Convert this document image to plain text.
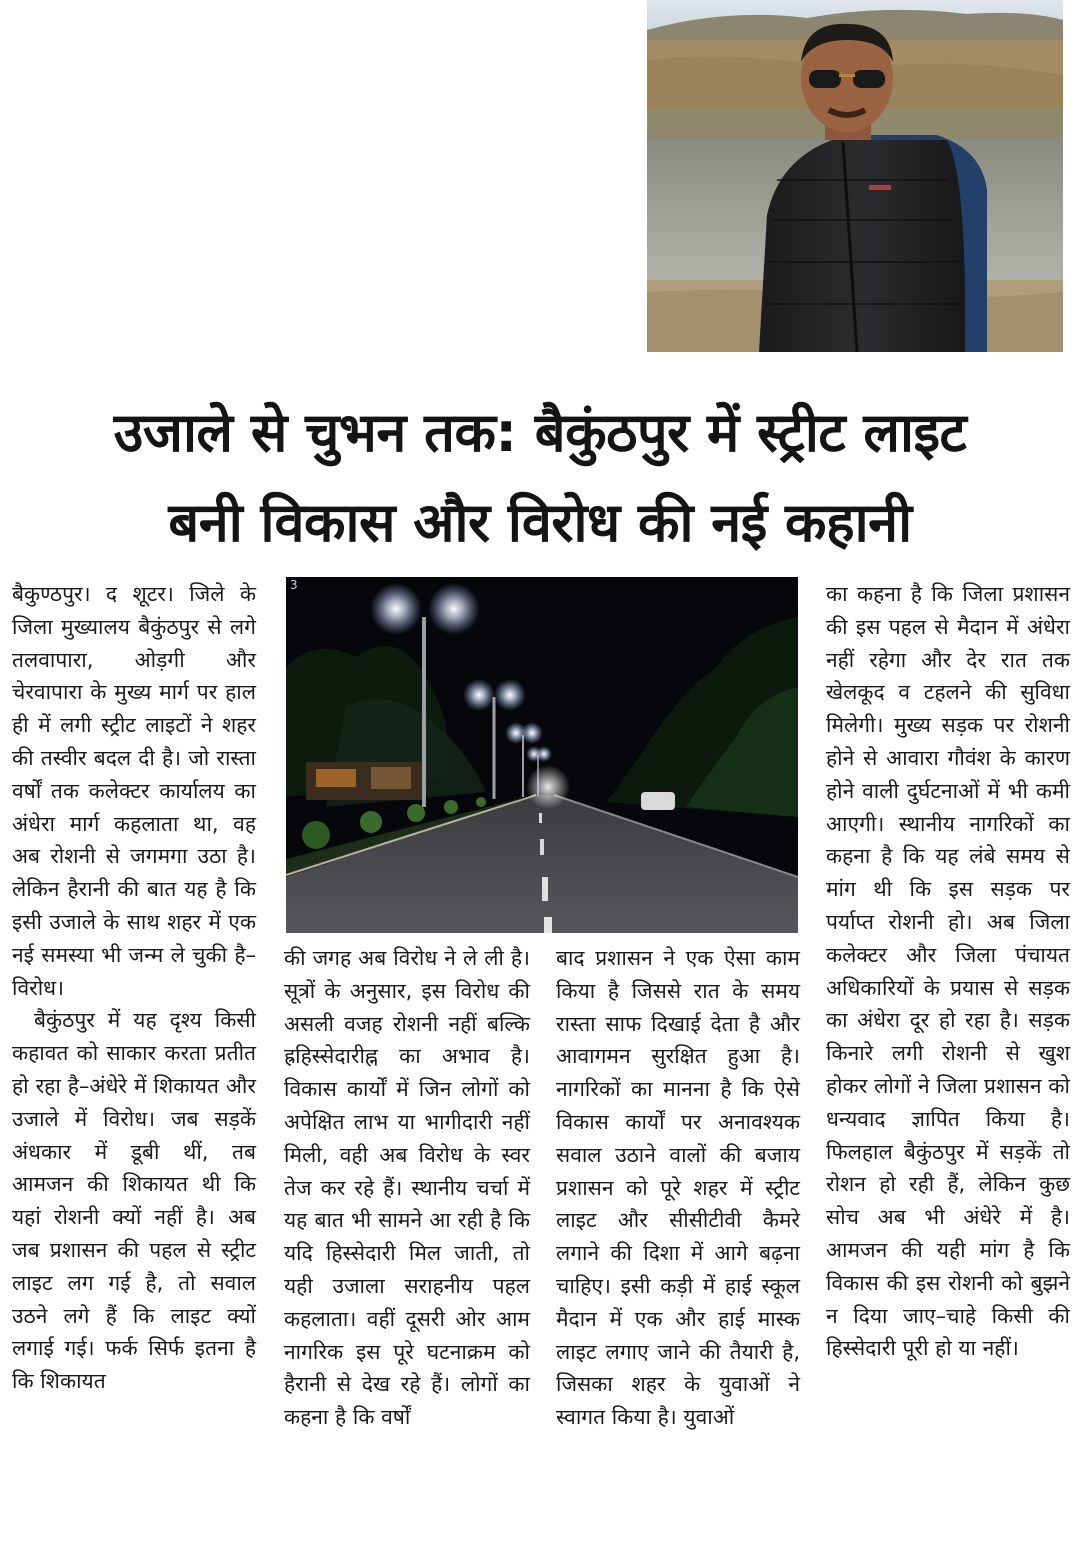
उजाले से चुभन तक: बैकुंठपुर में स्ट्रीट लाइट
बनी विकास और विरोध की नई कहानी

बैकुण्ठपुर। द शूटर। जिले के जिला मुख्यालय बैकुंठपुर से लगे तलवापारा, ओड़गी और चेरवापारा के मुख्य मार्ग पर हाल ही में लगी स्ट्रीट लाइटों ने शहर की तस्वीर बदल दी है। जो रास्ता वर्षों तक कलेक्टर कार्यालय का अंधेरा मार्ग कहलाता था, वह अब रोशनी से जगमगा उठा है। लेकिन हैरानी की बात यह है कि इसी उजाले के साथ शहर में एक नई समस्या भी जन्म ले चुकी है–विरोध।

बैकुंठपुर में यह दृश्य किसी कहावत को साकार करता प्रतीत हो रहा है–अंधेरे में शिकायत और उजाले में विरोध। जब सड़कें अंधकार में डूबी थीं, तब आमजन की शिकायत थी कि यहां रोशनी क्यों नहीं है। अब जब प्रशासन की पहल से स्ट्रीट लाइट लग गई है, तो सवाल उठने लगे हैं कि लाइट क्यों लगाई गई। फर्क सिर्फ इतना है कि शिकायत

3

की जगह अब विरोध ने ले ली है। सूत्रों के अनुसार, इस विरोध की असली वजह रोशनी नहीं बल्कि ह्रहिस्सेदारीह्न का अभाव है। विकास कार्यों में जिन लोगों को अपेक्षित लाभ या भागीदारी नहीं मिली, वही अब विरोध के स्वर तेज कर रहे हैं। स्थानीय चर्चा में यह बात भी सामने आ रही है कि यदि हिस्सेदारी मिल जाती, तो यही उजाला सराहनीय पहल कहलाता। वहीं दूसरी ओर आम नागरिक इस पूरे घटनाक्रम को हैरानी से देख रहे हैं। लोगों का कहना है कि वर्षों

बाद प्रशासन ने एक ऐसा काम किया है जिससे रात के समय रास्ता साफ दिखाई देता है और आवागमन सुरक्षित हुआ है। नागरिकों का मानना है कि ऐसे विकास कार्यों पर अनावश्यक सवाल उठाने वालों की बजाय प्रशासन को पूरे शहर में स्ट्रीट लाइट और सीसीटीवी कैमरे लगाने की दिशा में आगे बढ़ना चाहिए। इसी कड़ी में हाई स्कूल मैदान में एक और हाई मास्क लाइट लगाए जाने की तैयारी है, जिसका शहर के युवाओं ने स्वागत किया है। युवाओं

का कहना है कि जिला प्रशासन की इस पहल से मैदान में अंधेरा नहीं रहेगा और देर रात तक खेलकूद व टहलने की सुविधा मिलेगी। मुख्य सड़क पर रोशनी होने से आवारा गौवंश के कारण होने वाली दुर्घटनाओं में भी कमी आएगी। स्थानीय नागरिकों का कहना है कि यह लंबे समय से मांग थी कि इस सड़क पर पर्याप्त रोशनी हो। अब जिला कलेक्टर और जिला पंचायत अधिकारियों के प्रयास से सड़क का अंधेरा दूर हो रहा है। सड़क किनारे लगी रोशनी से खुश होकर लोगों ने जिला प्रशासन को धन्यवाद ज्ञापित किया है। फिलहाल बैकुंठपुर में सड़कें तो रोशन हो रही हैं, लेकिन कुछ सोच अब भी अंधेरे में है। आमजन की यही मांग है कि विकास की इस रोशनी को बुझने न दिया जाए–चाहे किसी की हिस्सेदारी पूरी हो या नहीं।
